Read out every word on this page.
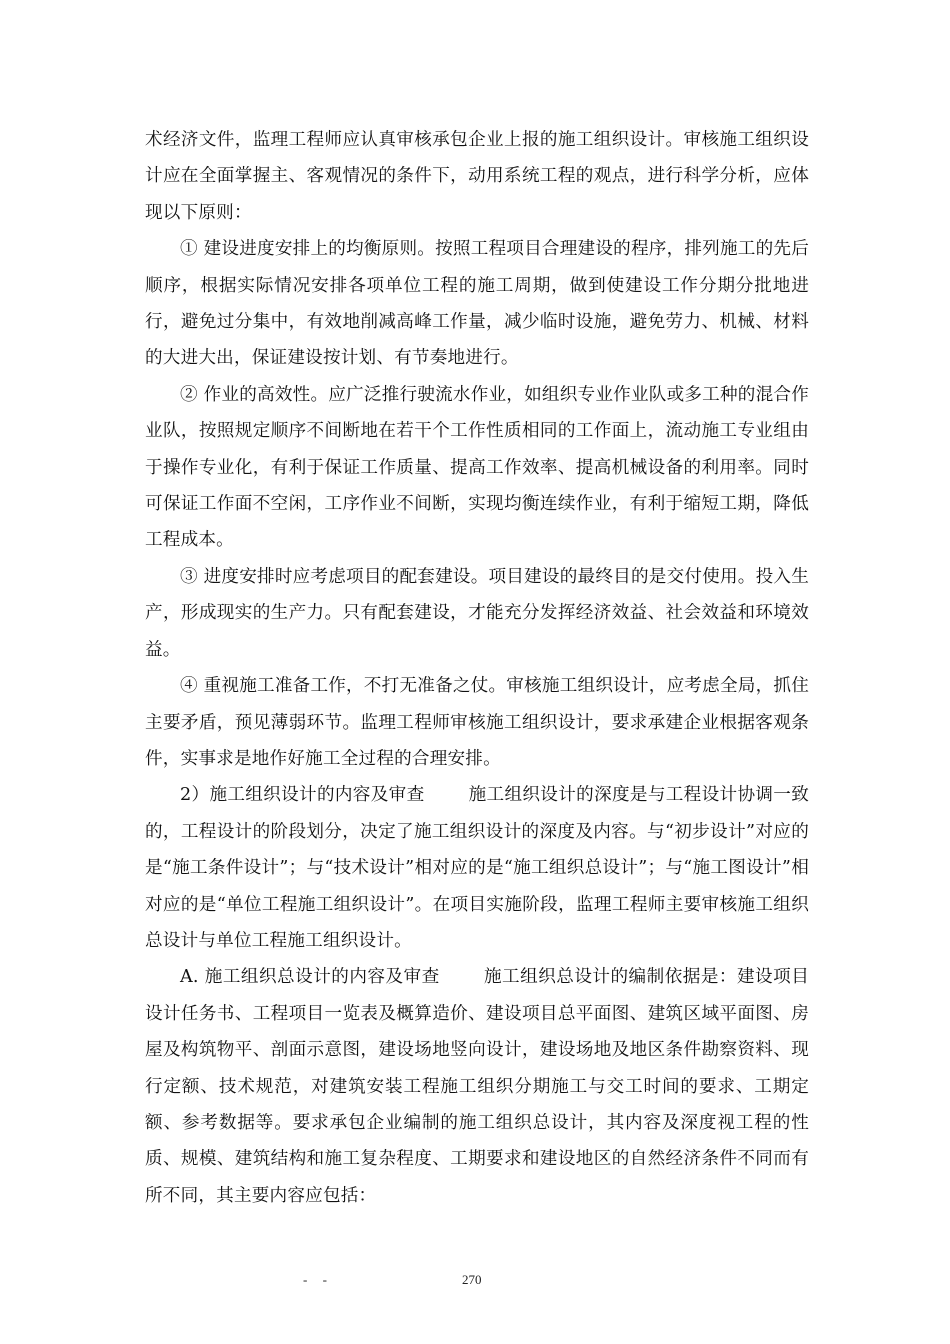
术经济文件，监理工程师应认真审核承包企业上报的施工组织设计。审核施工组织设计应在全面掌握主、客观情况的条件下，动用系统工程的观点，进行科学分析，应体现以下原则：

① 建设进度安排上的均衡原则。按照工程项目合理建设的程序，排列施工的先后顺序，根据实际情况安排各项单位工程的施工周期，做到使建设工作分期分批地进行，避免过分集中，有效地削减高峰工作量，减少临时设施，避免劳力、机械、材料的大进大出，保证建设按计划、有节奏地进行。

② 作业的高效性。应广泛推行驶流水作业，如组织专业作业队或多工种的混合作业队，按照规定顺序不间断地在若干个工作性质相同的工作面上，流动施工专业组由于操作专业化，有利于保证工作质量、提高工作效率、提高机械设备的利用率。同时可保证工作面不空闲，工序作业不间断，实现均衡连续作业，有利于缩短工期，降低工程成本。

③ 进度安排时应考虑项目的配套建设。项目建设的最终目的是交付使用。投入生产，形成现实的生产力。只有配套建设，才能充分发挥经济效益、社会效益和环境效益。

④ 重视施工准备工作，不打无准备之仗。审核施工组织设计，应考虑全局，抓住主要矛盾，预见薄弱环节。监理工程师审核施工组织设计，要求承建企业根据客观条件，实事求是地作好施工全过程的合理安排。

2）施工组织设计的内容及审查	施工组织设计的深度是与工程设计协调一致的，工程设计的阶段划分，决定了施工组织设计的深度及内容。与“初步设计”对应的是“施工条件设计”；与“技术设计”相对应的是“施工组织总设计”；与“施工图设计”相对应的是“单位工程施工组织设计”。在项目实施阶段，监理工程师主要审核施工组织总设计与单位工程施工组织设计。

A. 施工组织总设计的内容及审查	施工组织总设计的编制依据是：建设项目设计任务书、工程项目一览表及概算造价、建设项目总平面图、建筑区域平面图、房屋及构筑物平、剖面示意图，建设场地竖向设计，建设场地及地区条件勘察资料、现行定额、技术规范，对建筑安装工程施工组织分期施工与交工时间的要求、工期定额、参考数据等。要求承包企业编制的施工组织总设计，其内容及深度视工程的性质、规模、建筑结构和施工复杂程度、工期要求和建设地区的自然经济条件不同而有所不同，其主要内容应包括：

- -	270
